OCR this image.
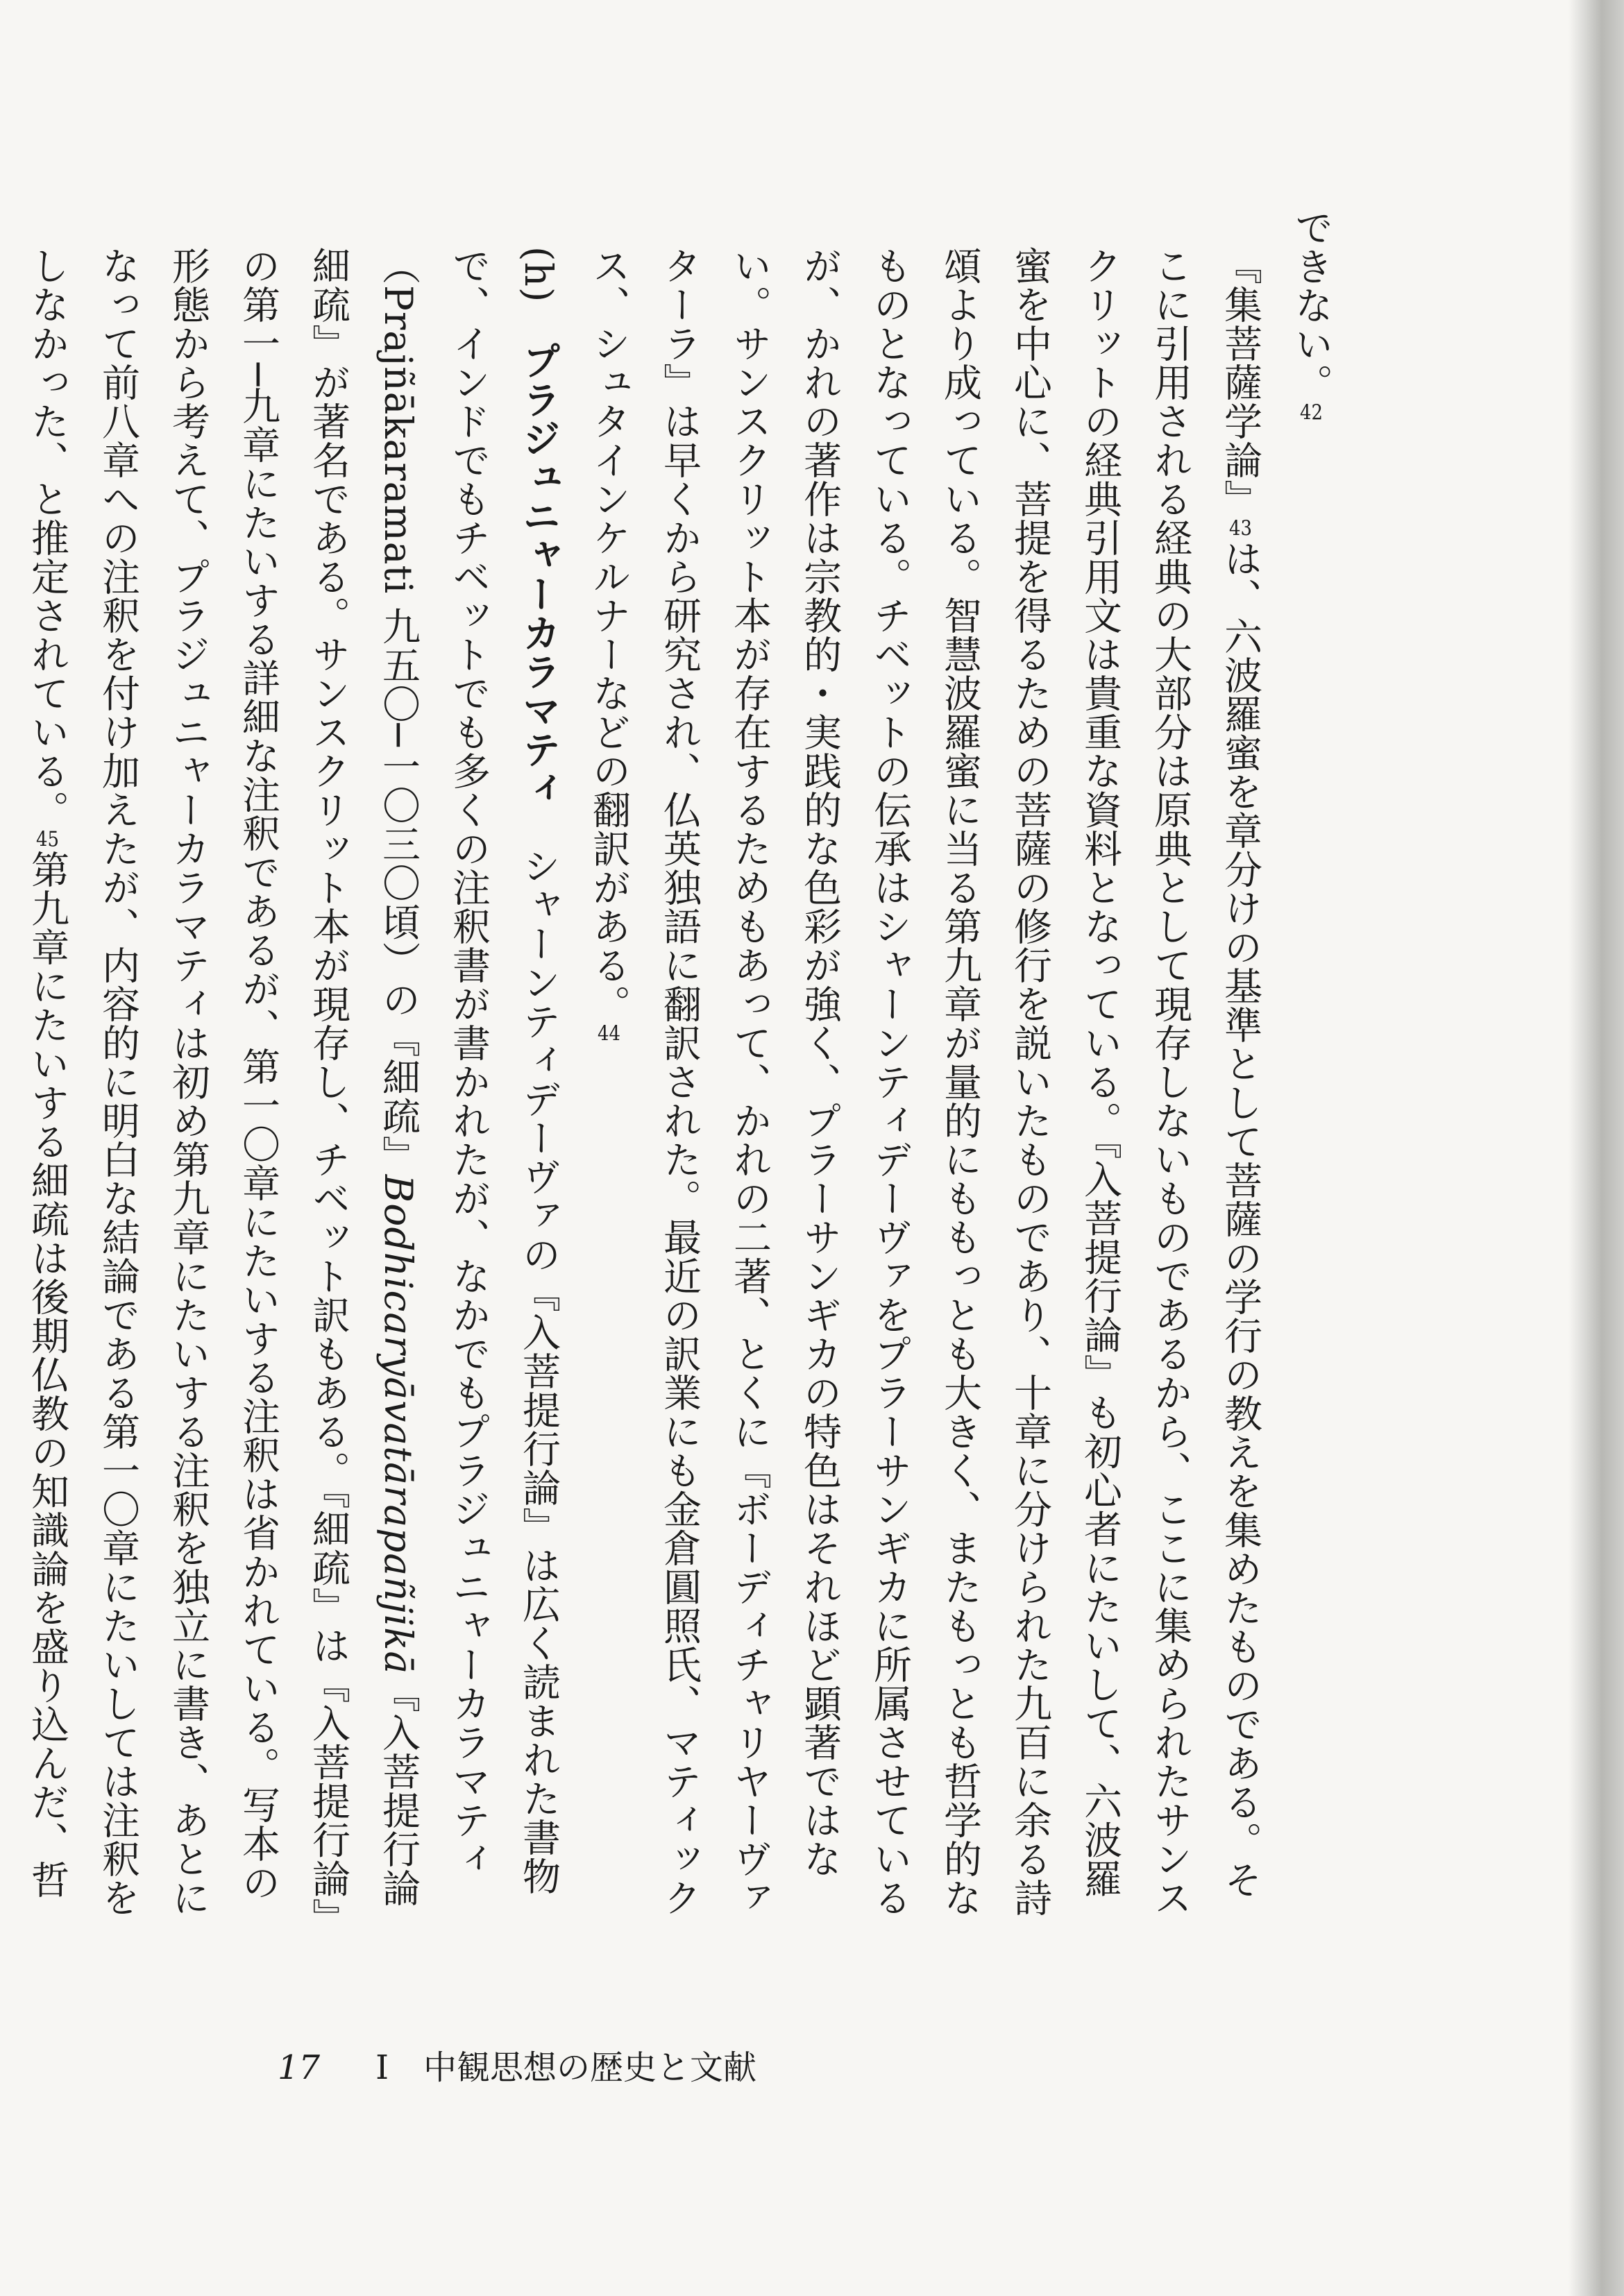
できない。42

『集菩薩学論』43は、六波羅蜜を章分けの基準として菩薩の学行の教えを集めたものである。そこに引用される経典の大部分は原典として現存しないものであるから、ここに集められたサンスクリットの経典引用文は貴重な資料となっている。『入菩提行論』も初心者にたいして、六波羅蜜を中心に、菩提を得るための菩薩の修行を説いたものであり、十章に分けられた九百に余る詩頌より成っている。智慧波羅蜜に当る第九章が量的にももっとも大きく、またもっとも哲学的なものとなっている。チベットの伝承はシャーンティデーヴァをプラーサンギカに所属させているが、かれの著作は宗教的・実践的な色彩が強く、プラーサンギカの特色はそれほど顕著ではない。サンスクリット本が存在するためもあって、かれの二著、とくに『ボーディチャリヤーヴァターラ』は早くから研究され、仏英独語に翻訳された。最近の訳業にも金倉圓照氏、マティックス、シュタインケルナーなどの翻訳がある。44

(h)　プラジュニャーカラマティ　シャーンティデーヴァの『入菩提行論』は広く読まれた書物で、インドでもチベットでも多くの注釈書が書かれたが、なかでもプラジュニャーカラマティ（Prajñākaramati 九五〇─一〇三〇頃）の『細疏』Bodhicaryāvatārapañjikā『入菩提行論細疏』が著名である。サンスクリット本が現存し、チベット訳もある。『細疏』は『入菩提行論』の第一─九章にたいする詳細な注釈であるが、第一〇章にたいする注釈は省かれている。写本の形態から考えて、プラジュニャーカラマティは初め第九章にたいする注釈を独立に書き、あとになって前八章への注釈を付け加えたが、内容的に明白な結論である第一〇章にたいしては注釈をしなかった、と推定されている。45第九章にたいする細疏は後期仏教の知識論を盛り込んだ、哲

17 I 中観思想の歴史と文献
